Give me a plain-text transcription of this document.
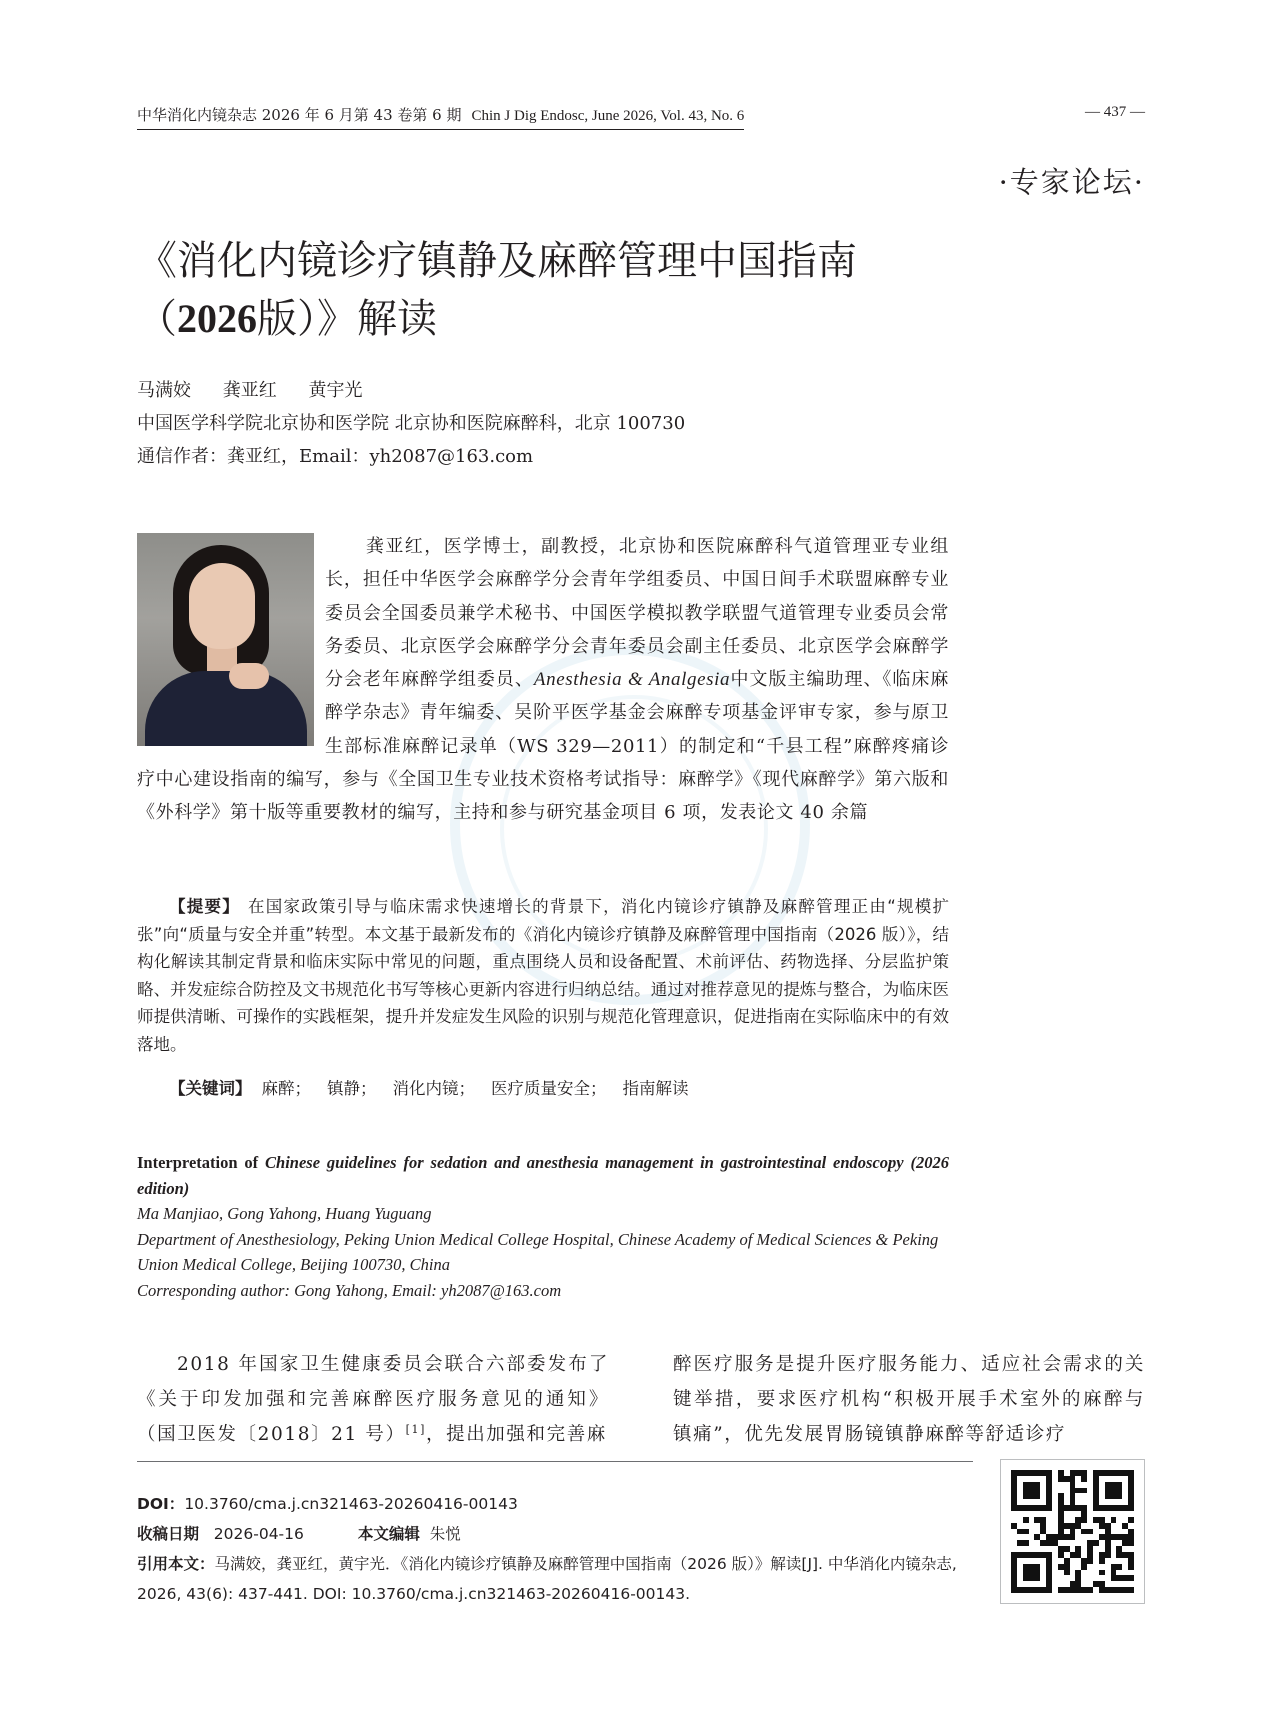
中华消化内镜杂志 2026 年 6 月第 43 卷第 6 期 Chin J Dig Endosc, June 2026, Vol. 43, No. 6	— 437 —
·专家论坛·
《消化内镜诊疗镇静及麻醉管理中国指南
（2026版）》解读
马满姣 龚亚红 黄宇光
中国医学科学院北京协和医学院 北京协和医院麻醉科，北京 100730
通信作者：龚亚红，Email：yh2087@163.com
龚亚红，医学博士，副教授，北京协和医院麻醉科气道管理亚专业组长，担任中华医学会麻醉学分会青年学组委员、中国日间手术联盟麻醉专业委员会全国委员兼学术秘书、中国医学模拟教学联盟气道管理专业委员会常务委员、北京医学会麻醉学分会青年委员会副主任委员、北京医学会麻醉学分会老年麻醉学组委员、Anesthesia & Analgesia中文版主编助理、《临床麻醉学杂志》青年编委、吴阶平医学基金会麻醉专项基金评审专家，参与原卫生部标准麻醉记录单（WS 329—2011）的制定和“千县工程”麻醉疼痛诊疗中心建设指南的编写，参与《全国卫生专业技术资格考试指导：麻醉学》《现代麻醉学》第六版和《外科学》第十版等重要教材的编写，主持和参与研究基金项目 6 项，发表论文 40 余篇
【提要】 在国家政策引导与临床需求快速增长的背景下，消化内镜诊疗镇静及麻醉管理正由“规模扩张”向“质量与安全并重”转型。本文基于最新发布的《消化内镜诊疗镇静及麻醉管理中国指南（2026 版）》，结构化解读其制定背景和临床实际中常见的问题，重点围绕人员和设备配置、术前评估、药物选择、分层监护策略、并发症综合防控及文书规范化书写等核心更新内容进行归纳总结。通过对推荐意见的提炼与整合，为临床医师提供清晰、可操作的实践框架，提升并发症发生风险的识别与规范化管理意识，促进指南在实际临床中的有效落地。
【关键词】 麻醉； 镇静； 消化内镜； 医疗质量安全； 指南解读
Interpretation of Chinese guidelines for sedation and anesthesia management in gastrointestinal endoscopy (2026 edition)
Ma Manjiao, Gong Yahong, Huang Yuguang
Department of Anesthesiology, Peking Union Medical College Hospital, Chinese Academy of Medical Sciences & Peking Union Medical College, Beijing 100730, China
Corresponding author: Gong Yahong, Email: yh2087@163.com
2018 年国家卫生健康委员会联合六部委发布了《关于印发加强和完善麻醉医疗服务意见的通知》（国卫医发〔2018〕21 号）[1]，提出加强和完善麻
醉医疗服务是提升医疗服务能力、适应社会需求的关键举措，要求医疗机构“积极开展手术室外的麻醉与镇痛”，优先发展胃肠镜镇静麻醉等舒适诊疗
DOI：10.3760/cma.j.cn321463-20260416-00143
收稿日期 2026-04-16	本文编辑 朱悦
引用本文：马满姣，龚亚红，黄宇光．《消化内镜诊疗镇静及麻醉管理中国指南（2026 版）》解读[J]. 中华消化内镜杂志, 2026, 43(6): 437-441. DOI: 10.3760/cma.j.cn321463-20260416-00143.
